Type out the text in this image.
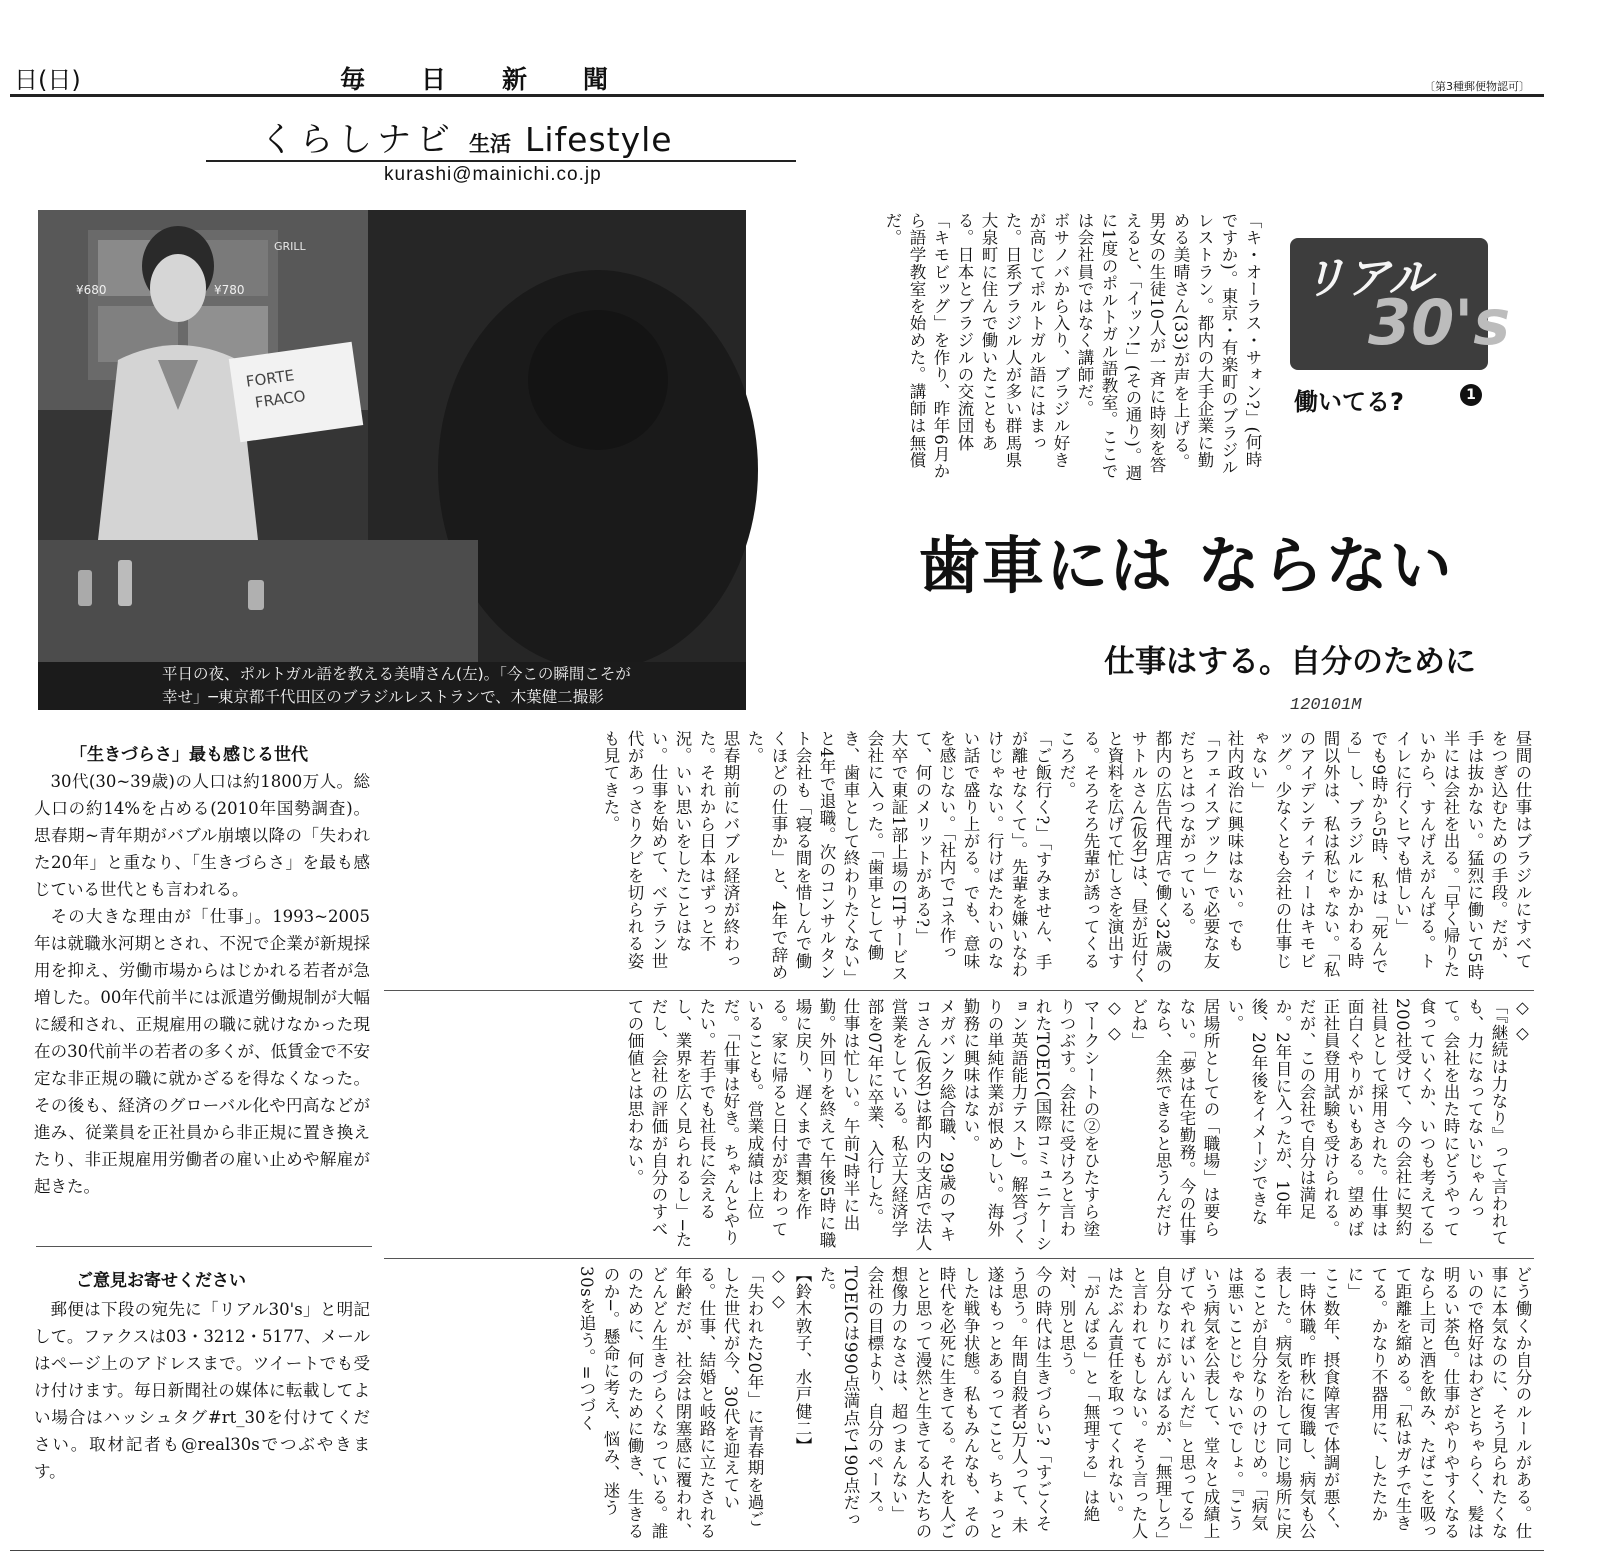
日(日)	毎日新聞	〔第3種郵便物認可〕
くらしナビ 生活 Lifestyle
kurashi@mainichi.co.jp
GRILL
¥680	¥780
FORTE
FRACO
平日の夜、ポルトガル語を教える美晴さん(左)。「今この瞬間こそが
幸せ」─東京都千代田区のブラジルレストランで、木葉健二撮影
「キ・オーラス・サォン?」(何時ですか)。東京・有楽町のブラジルレストラン。都内の大手企業に勤める美晴さん(33)が声を上げる。男女の生徒10人が一斉に時刻を答えると、「イッソ!」(その通り)。週に1度のポルトガル語教室。ここでは会社員ではなく講師だ。
ボサノバから入り、ブラジル好きが高じてポルトガル語にはまった。日系ブラジル人が多い群馬県大泉町に住んで働いたこともある。日本とブラジルの交流団体「キモビッグ」を作り、昨年6月から語学教室を始めた。講師は無償だ。
リアル
30's
働いてる?	1
歯車には ならない
仕事はする。自分のために
120101M
昼間の仕事はブラジルにすべてをつぎ込むための手段。だが、手は抜かない。猛烈に働いて5時半には会社を出る。「早く帰りたいから、すんげえがんばる。トイレに行くヒマも惜しい」
でも9時から5時、私は「死んでる」し、ブラジルにかかわる時間以外は、私は私じゃない。「私のアイデンティティーはキモビッグ。少なくとも会社の仕事じゃない」
社内政治に興味はない。でも「フェイスブック」で必要な友だちとはつながっている。
都内の広告代理店で働く32歳のサトルさん(仮名)は、昼が近付くと資料を広げて忙しさを演出する。そろそろ先輩が誘ってくるころだ。
「ご飯行く?」「すみません、手が離せなくて」。先輩を嫌いなわけじゃない。行けばたわいのない話で盛り上がる。でも、意味を感じない。「社内でコネ作って、何のメリットがある?」
大卒で東証1部上場のITサービス会社に入った。「歯車として働き、歯車として終わりたくない」と4年で退職。次のコンサルタント会社も「寝る間を惜しんで働くほどの仕事か」と、4年で辞めた。
思春期前にバブル経済が終わった。それから日本はずっと不況。いい思いをしたことはない。仕事を始めて、ベテラン世代があっさりクビを切られる姿も見てきた。
◇ ◇
「『継続は力なり』って言われても、力になってないじゃんって。会社を出た時にどうやって食っていくか、いつも考えてる」
200社受けて、今の会社に契約社員として採用された。仕事は面白くやりがいもある。望めば正社員登用試験も受けられる。だが、この会社で自分は満足か。2年目に入ったが、10年後、20年後をイメージできない。
居場所としての「職場」は要らない。「夢は在宅勤務。今の仕事なら、全然できると思うんだけどね」
◇ ◇
マークシートの②をひたすら塗りつぶす。会社に受けろと言われたTOEIC(国際コミュニケーション英語能力テスト)。解答づくりの単純作業が恨めしい。海外勤務に興味はない。
メガバンク総合職、29歳のマキコさん(仮名)は都内の支店で法人営業をしている。私立大経済学部を07年に卒業、入行した。
仕事は忙しい。午前7時半に出勤。外回りを終えて午後5時に職場に戻り、遅くまで書類を作る。家に帰ると日付が変わっていることも。営業成績は上位だ。「仕事は好き。ちゃんとやりたい。若手でも社長に会えるし、業界を広く見られるし」─ただし、会社の評価が自分のすべての価値とは思わない。
どう働くか自分のルールがある。仕事に本気なのに、そう見られたくないので格好はわざとちゃらく、髪は明るい茶色。仕事がやりやすくなるなら上司と酒を飲み、たばこを吸って距離を縮める。「私はガチで生きてる。かなり不器用に、したたかに」
ここ数年、摂食障害で体調が悪く、一時休職。昨秋に復職し、病気も公表した。病気を治して同じ場所に戻ることが自分なりのけじめ。「病気は悪いことじゃないでしょ。『こういう病気を公表して、堂々と成績上げてやればいいんだ』と思ってる」
自分なりにがんばるが、「無理しろ」と言われてもしない。そう言った人はたぶん責任を取ってくれない。「がんばる」と「無理する」は絶対、別と思う。
今の時代は生きづらい?「すごくそう思う。年間自殺者3万人って、未遂はもっとあるってこと。ちょっとした戦争状態。私もみんなも、その時代を必死に生きてる。それを人ごとと思って漫然と生きてる人たちの想像力のなさは、超つまんない」
会社の目標より、自分のペース。TOEICは990点満点で190点だった。
【鈴木敦子、水戸健二】
◇ ◇
「失われた20年」に青春期を過ごした世代が今、30代を迎えている。仕事、結婚と岐路に立たされる年齢だが、社会は閉塞感に覆われ、どんどん生きづらくなっている。誰のために、何のために働き、生きるのか─。懸命に考え、悩み、迷う30sを追う。=つづく
「生きづらさ」最も感じる世代
30代(30~39歳)の人口は約1800万人。総人口の約14%を占める(2010年国勢調査)。思春期~青年期がバブル崩壊以降の「失われた20年」と重なり、「生きづらさ」を最も感じている世代とも言われる。
その大きな理由が「仕事」。1993~2005年は就職氷河期とされ、不況で企業が新規採用を抑え、労働市場からはじかれる若者が急増した。00年代前半には派遣労働規制が大幅に緩和され、正規雇用の職に就けなかった現在の30代前半の若者の多くが、低賃金で不安定な非正規の職に就かざるを得なくなった。その後も、経済のグローバル化や円高などが進み、従業員を正社員から非正規に置き換えたり、非正規雇用労働者の雇い止めや解雇が起きた。
ご意見お寄せください
郵便は下段の宛先に「リアル30's」と明記して。ファクスは03・3212・5177、メールはページ上のアドレスまで。ツイートでも受け付けます。毎日新聞社の媒体に転載してよい場合はハッシュタグ#rt_30を付けてください。取材記者も@real30sでつぶやきます。
